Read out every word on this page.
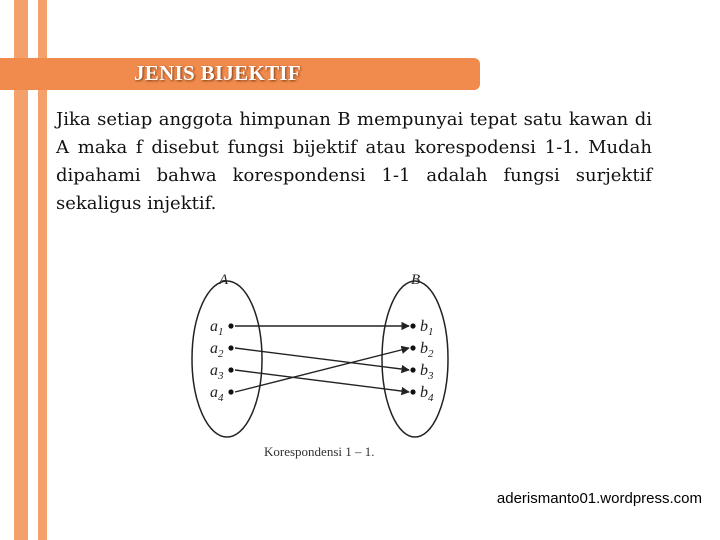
JENIS BIJEKTIF

Jika setiap anggota himpunan B mempunyai tepat satu kawan di A maka f disebut fungsi bijektif atau korespodensi 1-1. Mudah dipahami bahwa korespondensi 1-1 adalah fungsi surjektif sekaligus injektif.

A	B
$a_1$
$a_2$
$a_3$
$a_4$
$b_1$
$b_2$
$b_3$
$b_4$

Korespondensi 1 – 1.

aderismanto01.wordpress.com
